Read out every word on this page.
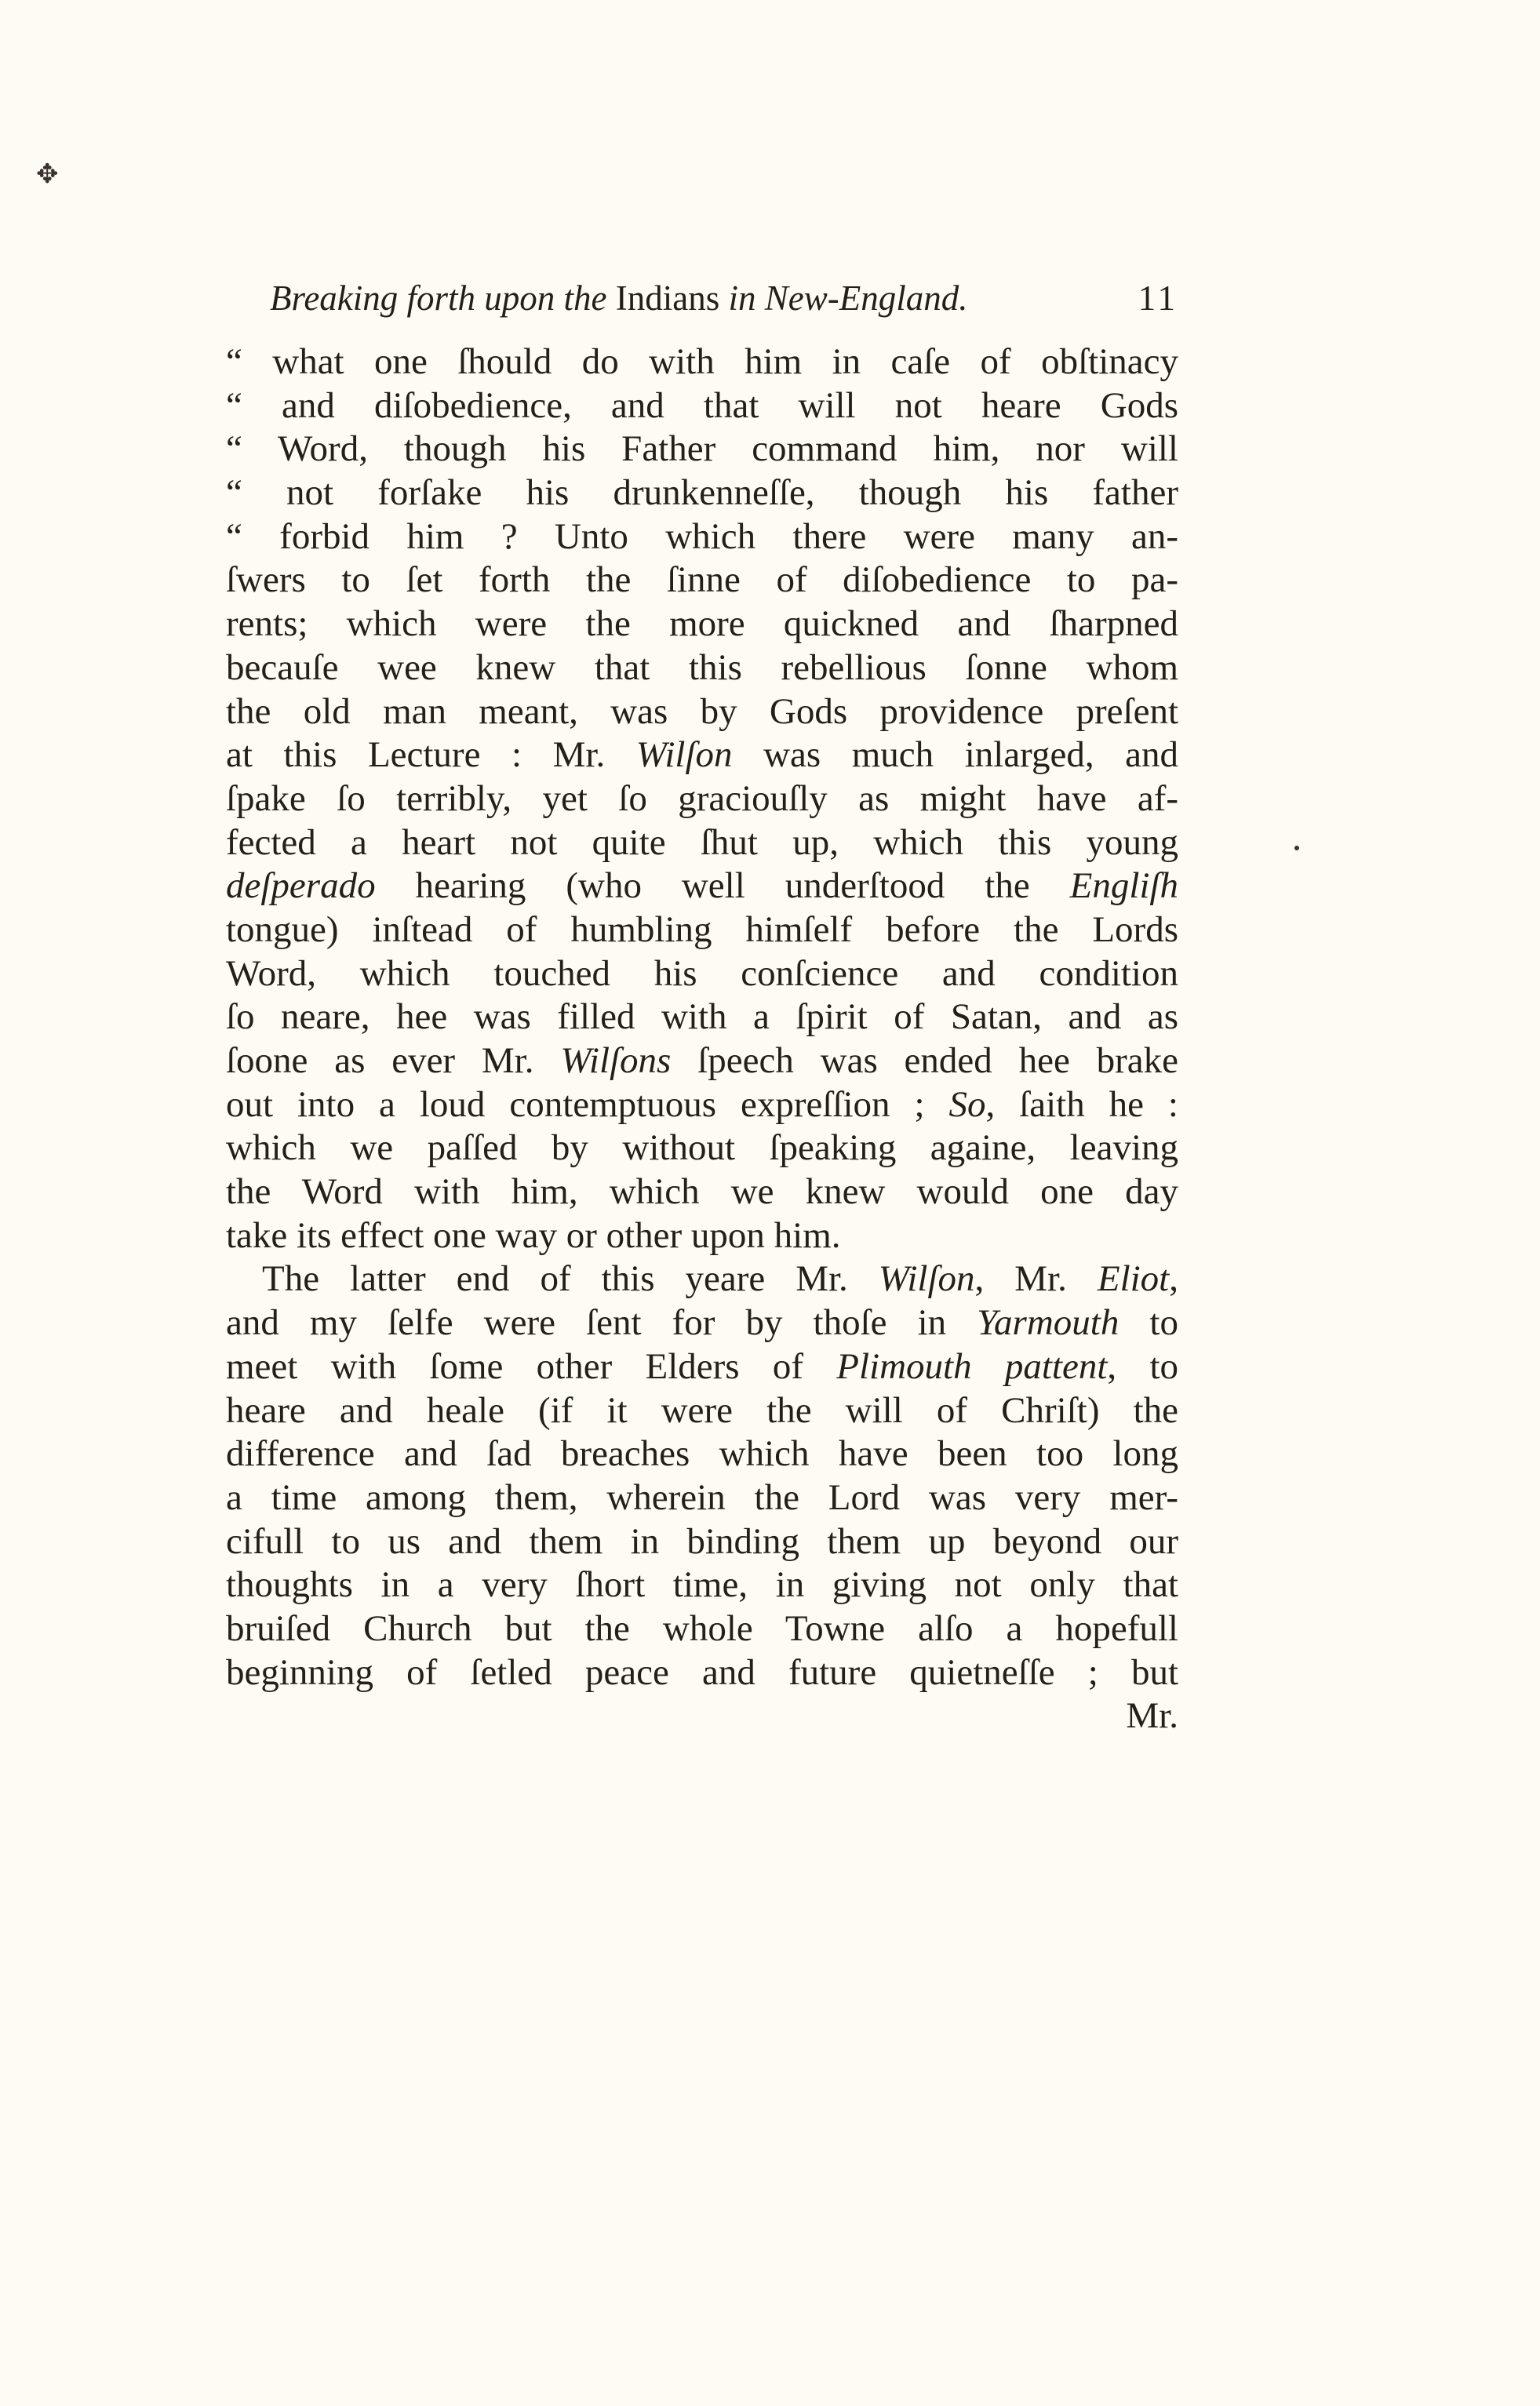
✥
Breaking forth upon the Indians in New-England.	11
“ what one ſhould do with him in caſe of obſtinacy
“ and diſobedience, and that will not heare Gods
“ Word, though his Father command him, nor will
“ not forſake his drunkenneſſe, though his father
“ forbid him ? Unto which there were many an-
ſwers to ſet forth the ſinne of diſobedience to pa-
rents; which were the more quickned and ſharpned
becauſe wee knew that this rebellious ſonne whom
the old man meant, was by Gods providence preſent
at this Lecture : Mr. Wilſon was much inlarged, and
ſpake ſo terribly, yet ſo graciouſly as might have af-
fected a heart not quite ſhut up, which this young
deſperado hearing (who well underſtood the Engliſh
tongue) inſtead of humbling himſelf before the Lords
Word, which touched his conſcience and condition
ſo neare, hee was filled with a ſpirit of Satan, and as
ſoone as ever Mr. Wilſons ſpeech was ended hee brake
out into a loud contemptuous expreſſion ; So, ſaith he :
which we paſſed by without ſpeaking againe, leaving
the Word with him, which we knew would one day
take its effect one way or other upon him.
The latter end of this yeare Mr. Wilſon, Mr. Eliot,
and my ſelfe were ſent for by thoſe in Yarmouth to
meet with ſome other Elders of Plimouth pattent, to
heare and heale (if it were the will of Chriſt) the
difference and ſad breaches which have been too long
a time among them, wherein the Lord was very mer-
cifull to us and them in binding them up beyond our
thoughts in a very ſhort time, in giving not only that
bruiſed Church but the whole Towne alſo a hopefull
beginning of ſetled peace and future quietneſſe ; but
Mr.
